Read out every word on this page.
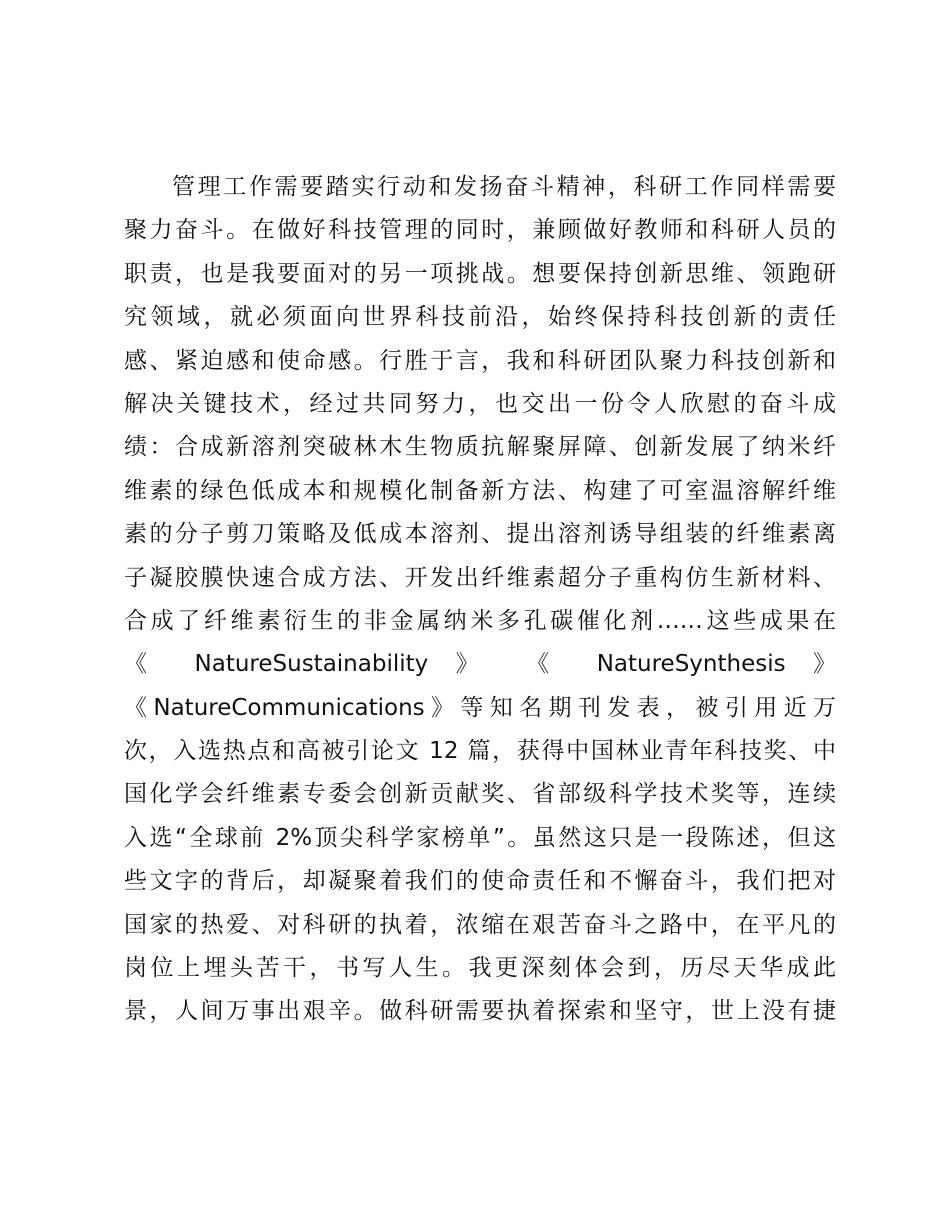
管理工作需要踏实行动和发扬奋斗精神，科研工作同样需要
聚力奋斗。在做好科技管理的同时，兼顾做好教师和科研人员的
职责，也是我要面对的另一项挑战。想要保持创新思维、领跑研
究领域，就必须面向世界科技前沿，始终保持科技创新的责任
感、紧迫感和使命感。行胜于言，我和科研团队聚力科技创新和
解决关键技术，经过共同努力，也交出一份令人欣慰的奋斗成
绩：合成新溶剂突破林木生物质抗解聚屏障、创新发展了纳米纤
维素的绿色低成本和规模化制备新方法、构建了可室温溶解纤维
素的分子剪刀策略及低成本溶剂、提出溶剂诱导组装的纤维素离
子凝胶膜快速合成方法、开发出纤维素超分子重构仿生新材料、
合成了纤维素衍生的非金属纳米多孔碳催化剂……这些成果在
《 NatureSustainability 》 《 NatureSynthesis 》
《NatureCommunications》等知名期刊发表，被引用近万
次，入选热点和高被引论文 12 篇，获得中国林业青年科技奖、中
国化学会纤维素专委会创新贡献奖、省部级科学技术奖等，连续
入选“全球前 2%顶尖科学家榜单”。虽然这只是一段陈述，但这
些文字的背后，却凝聚着我们的使命责任和不懈奋斗，我们把对
国家的热爱、对科研的执着，浓缩在艰苦奋斗之路中，在平凡的
岗位上埋头苦干，书写人生。我更深刻体会到，历尽天华成此
景，人间万事出艰辛。做科研需要执着探索和坚守，世上没有捷
